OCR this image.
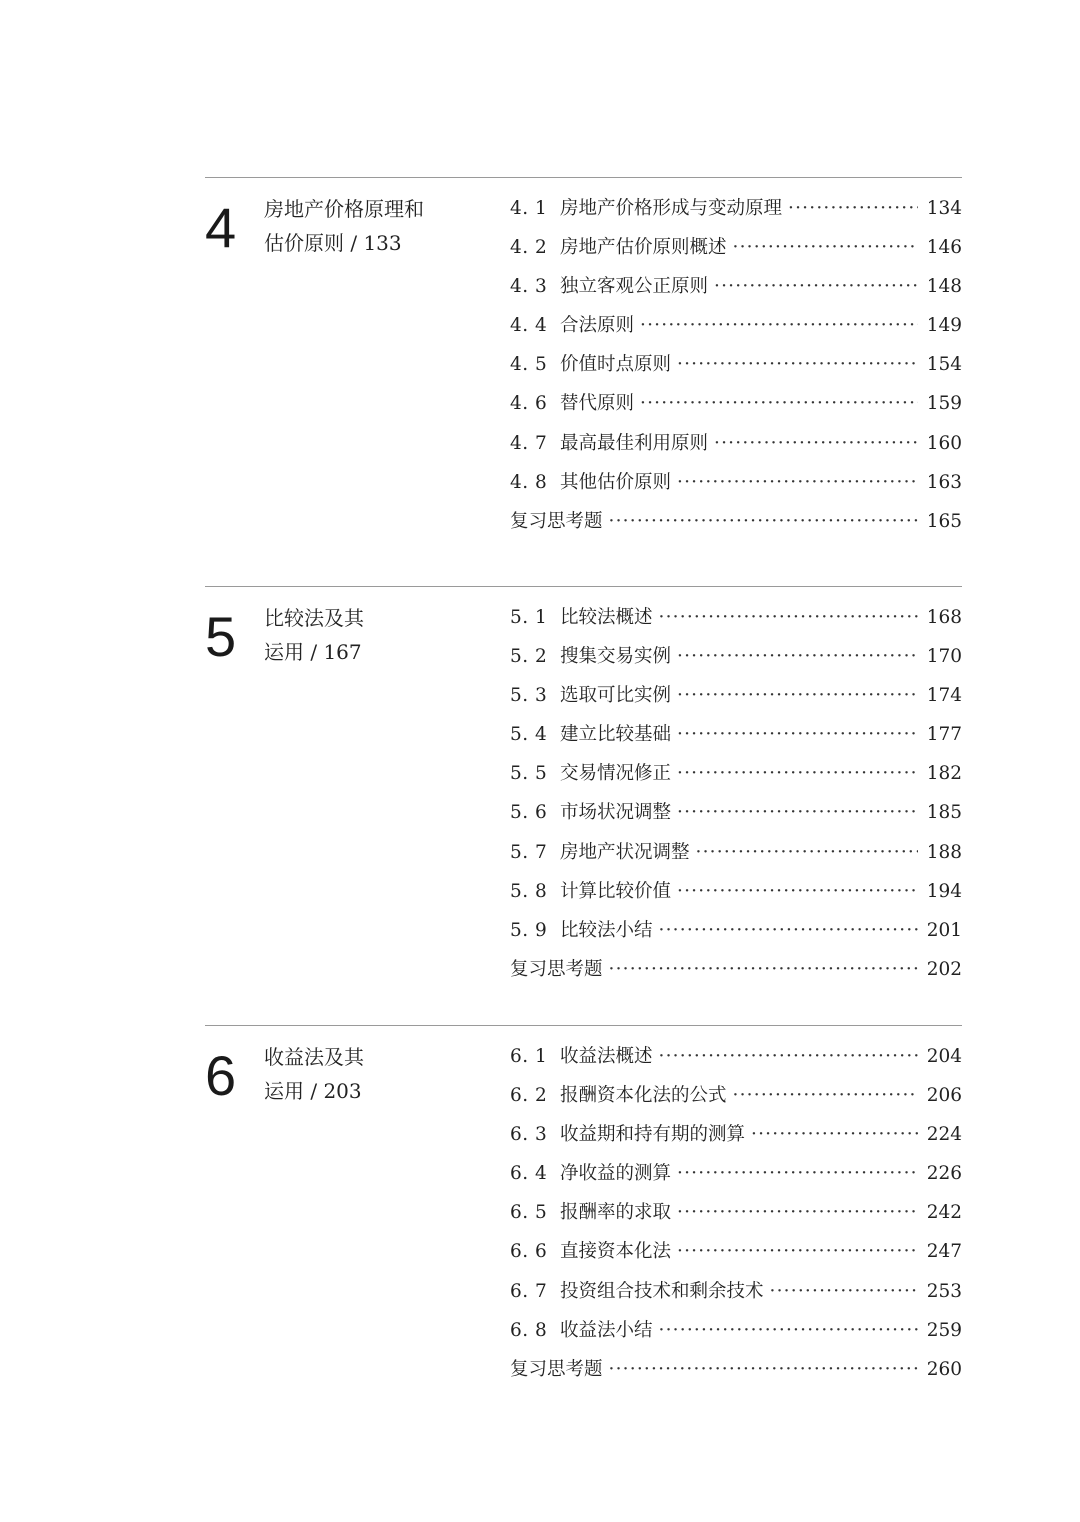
4 房地产价格原理和
估价原则 / 133
4. 1 房地产价格形成与变动原理 ·····	134
4. 2 房地产估价原则概述 ·····	146
4. 3 独立客观公正原则 ·····	148
4. 4 合法原则 ·····	149
4. 5 价值时点原则 ·····	154
4. 6 替代原则 ·····	159
4. 7 最高最佳利用原则 ·····	160
4. 8 其他估价原则 ·····	163
复习思考题 ·····	165
5 比较法及其
运用 / 167
5. 1 比较法概述 ·····	168
5. 2 搜集交易实例 ·····	170
5. 3 选取可比实例 ·····	174
5. 4 建立比较基础 ·····	177
5. 5 交易情况修正 ·····	182
5. 6 市场状况调整 ·····	185
5. 7 房地产状况调整 ·····	188
5. 8 计算比较价值 ·····	194
5. 9 比较法小结 ·····	201
复习思考题 ·····	202
6 收益法及其
运用 / 203
6. 1 收益法概述 ·····	204
6. 2 报酬资本化法的公式 ·····	206
6. 3 收益期和持有期的测算 ·····	224
6. 4 净收益的测算 ·····	226
6. 5 报酬率的求取 ·····	242
6. 6 直接资本化法 ·····	247
6. 7 投资组合技术和剩余技术 ·····	253
6. 8 收益法小结 ·····	259
复习思考题 ·····	260
